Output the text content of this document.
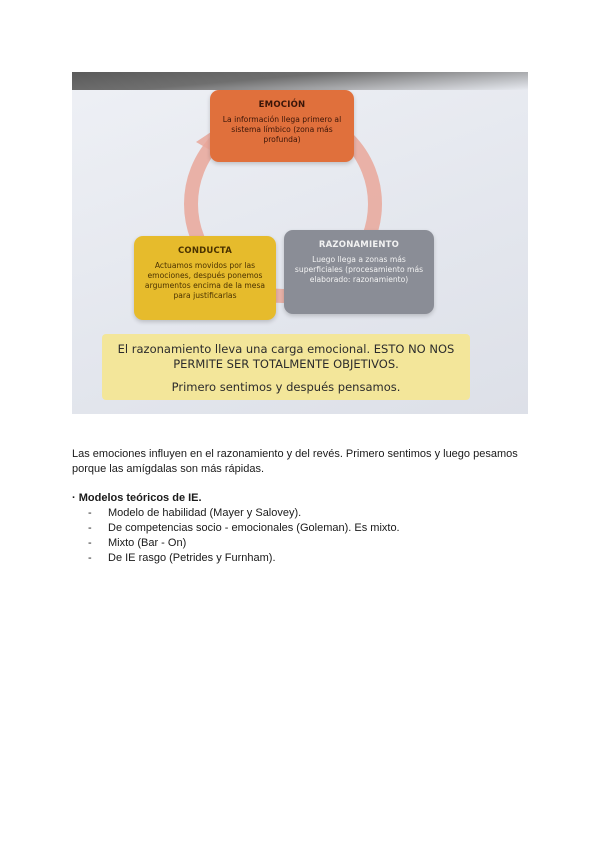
EMOCIÓN
La información llega primero al sistema límbico (zona más profunda)
CONDUCTA
Actuamos movidos por las emociones, después ponemos argumentos encima de la mesa para justificarlas
RAZONAMIENTO
Luego llega a zonas más superficiales (procesamiento más elaborado: razonamiento)
El razonamiento lleva una carga emocional. ESTO NO NOS
PERMITE SER TOTALMENTE OBJETIVOS.
Primero sentimos y después pensamos.
Las emociones influyen en el razonamiento y del revés. Primero sentimos y luego pesamos porque las amígdalas son más rápidas.
· Modelos teóricos de IE.
- Modelo de habilidad (Mayer y Salovey).
- De competencias socio - emocionales (Goleman). Es mixto.
- Mixto (Bar - On)
- De IE rasgo (Petrides y Furnham).
